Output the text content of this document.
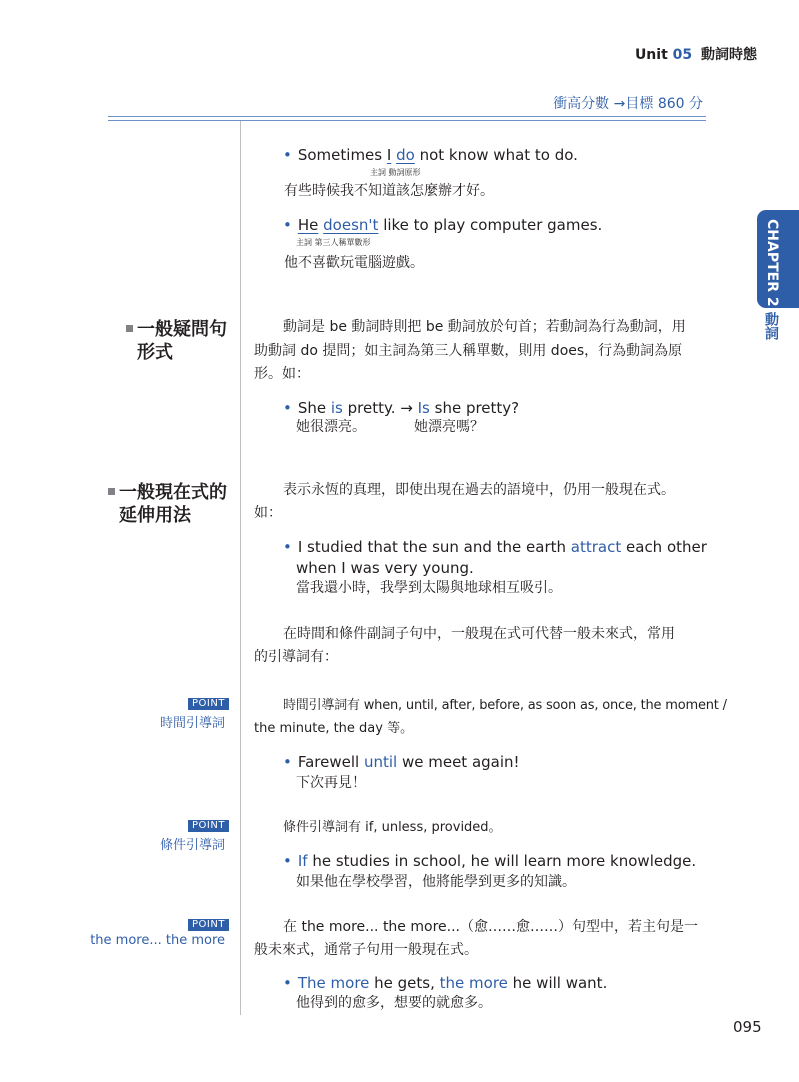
Unit 05 動詞時態
衝高分數 →目標 860 分
CHAPTER 2
動詞
• Sometimes I do not know what to do.
主詞 動詞原形
有些時候我不知道該怎麼辦才好。
• He doesn't like to play computer games.
主詞 第三人稱單數形
他不喜歡玩電腦遊戲。
一般疑問句
形式
動詞是 be 動詞時則把 be 動詞放於句首；若動詞為行為動詞，用
助動詞 do 提問；如主詞為第三人稱單數，則用 does，行為動詞為原
形。如：
• She is pretty. → Is she pretty?
她很漂亮。	她漂亮嗎？
一般現在式的
延伸用法
表示永恆的真理，即使出現在過去的語境中，仍用一般現在式。
如：
• I studied that the sun and the earth attract each other
when I was very young.
當我還小時，我學到太陽與地球相互吸引。
在時間和條件副詞子句中，一般現在式可代替一般未來式，常用
的引導詞有：
POINT
時間引導詞
時間引導詞有 when, until, after, before, as soon as, once, the moment /
the minute, the day 等。
• Farewell until we meet again!
下次再見！
POINT
條件引導詞
條件引導詞有 if, unless, provided。
• If he studies in school, he will learn more knowledge.
如果他在學校學習，他將能學到更多的知識。
POINT
the more... the more
在 the more... the more...（愈……愈……）句型中，若主句是一
般未來式，通常子句用一般現在式。
• The more he gets, the more he will want.
他得到的愈多，想要的就愈多。
095
